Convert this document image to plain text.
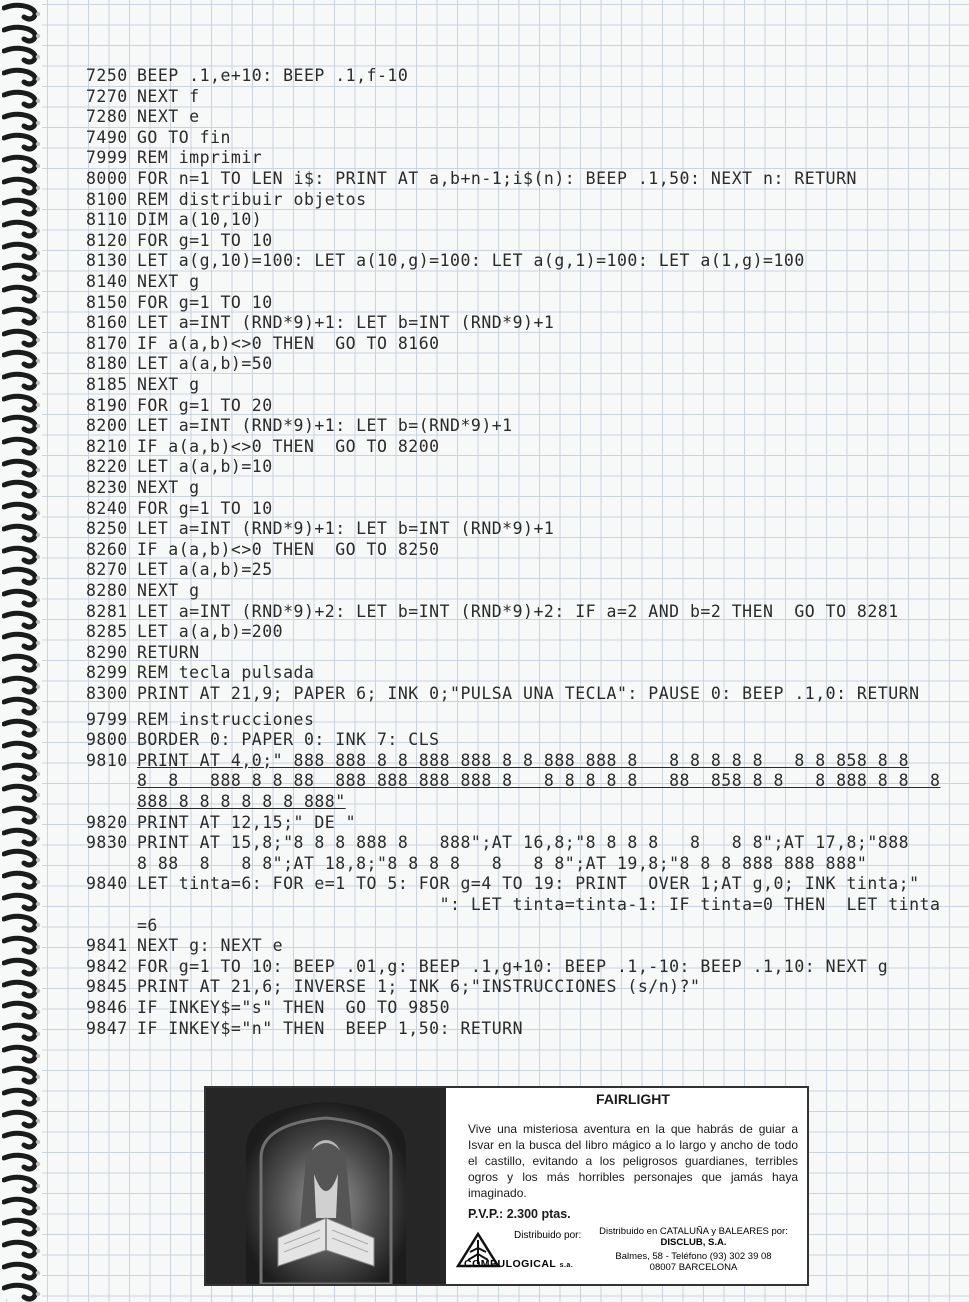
7250 BEEP .1,e+10: BEEP .1,f-10
7270 NEXT f
7280 NEXT e
7490 GO TO fin
7999 REM imprimir
8000 FOR n=1 TO LEN i$: PRINT AT a,b+n-1;i$(n): BEEP .1,50: NEXT n: RETURN
8100 REM distribuir objetos
8110 DIM a(10,10)
8120 FOR g=1 TO 10
8130 LET a(g,10)=100: LET a(10,g)=100: LET a(g,1)=100: LET a(1,g)=100
8140 NEXT g
8150 FOR g=1 TO 10
8160 LET a=INT (RND*9)+1: LET b=INT (RND*9)+1
8170 IF a(a,b)<>0 THEN  GO TO 8160
8180 LET a(a,b)=50
8185 NEXT g
8190 FOR g=1 TO 20
8200 LET a=INT (RND*9)+1: LET b=(RND*9)+1
8210 IF a(a,b)<>0 THEN  GO TO 8200
8220 LET a(a,b)=10
8230 NEXT g
8240 FOR g=1 TO 10
8250 LET a=INT (RND*9)+1: LET b=INT (RND*9)+1
8260 IF a(a,b)<>0 THEN  GO TO 8250
8270 LET a(a,b)=25
8280 NEXT g
8281 LET a=INT (RND*9)+2: LET b=INT (RND*9)+2: IF a=2 AND b=2 THEN  GO TO 8281
8285 LET a(a,b)=200
8290 RETURN
8299 REM tecla pulsada
8300 PRINT AT 21,9; PAPER 6; INK 0;"PULSA UNA TECLA": PAUSE 0: BEEP .1,0: RETURN
9799 REM instrucciones
9800 BORDER 0: PAPER 0: INK 7: CLS
9810 PRINT AT 4,0;" 888 888 8 8 888 888 8 8 888 888 8   8 8 8 8 8   8 8 858 8 8
8  8   888 8 8 88  888 888 888 888 8   8 8 8 8 8   88  858 8 8   8 888 8 8  8
888 8 8 8 8 8 8 888"
9820 PRINT AT 12,15;" DE "
9830 PRINT AT 15,8;"8 8 8 888 8   888";AT 16,8;"8 8 8 8   8   8 8";AT 17,8;"888
8 88  8   8 8";AT 18,8;"8 8 8 8   8   8 8";AT 19,8;"8 8 8 888 888 888"
9840 LET tinta=6: FOR e=1 TO 5: FOR g=4 TO 19: PRINT  OVER 1;AT g,0; INK tinta;"
": LET tinta=tinta-1: IF tinta=0 THEN  LET tinta
=6
9841 NEXT g: NEXT e
9842 FOR g=1 TO 10: BEEP .01,g: BEEP .1,g+10: BEEP .1,-10: BEEP .1,10: NEXT g
9845 PRINT AT 21,6; INVERSE 1; INK 6;"INSTRUCCIONES (s/n)?"
9846 IF INKEY$="s" THEN  GO TO 9850
9847 IF INKEY$="n" THEN  BEEP 1,50: RETURN
FAIRLIGHT
Vive una misteriosa aventura en la que habrás de guiar a Isvar en la busca del libro mágico a lo largo y ancho de todo el castillo, evitando a los peligrosos guardianes, terribles ogros y los más horribles personajes que jamás haya imaginado.
P.V.P.: 2.300 ptas.
Distribuido por:
COMPULOGICAL s.a.
Distribuido en CATALUÑA y BALEARES por:
DISCLUB, S.A.
Balmes, 58 - Teléfono (93) 302 39 08
08007 BARCELONA
